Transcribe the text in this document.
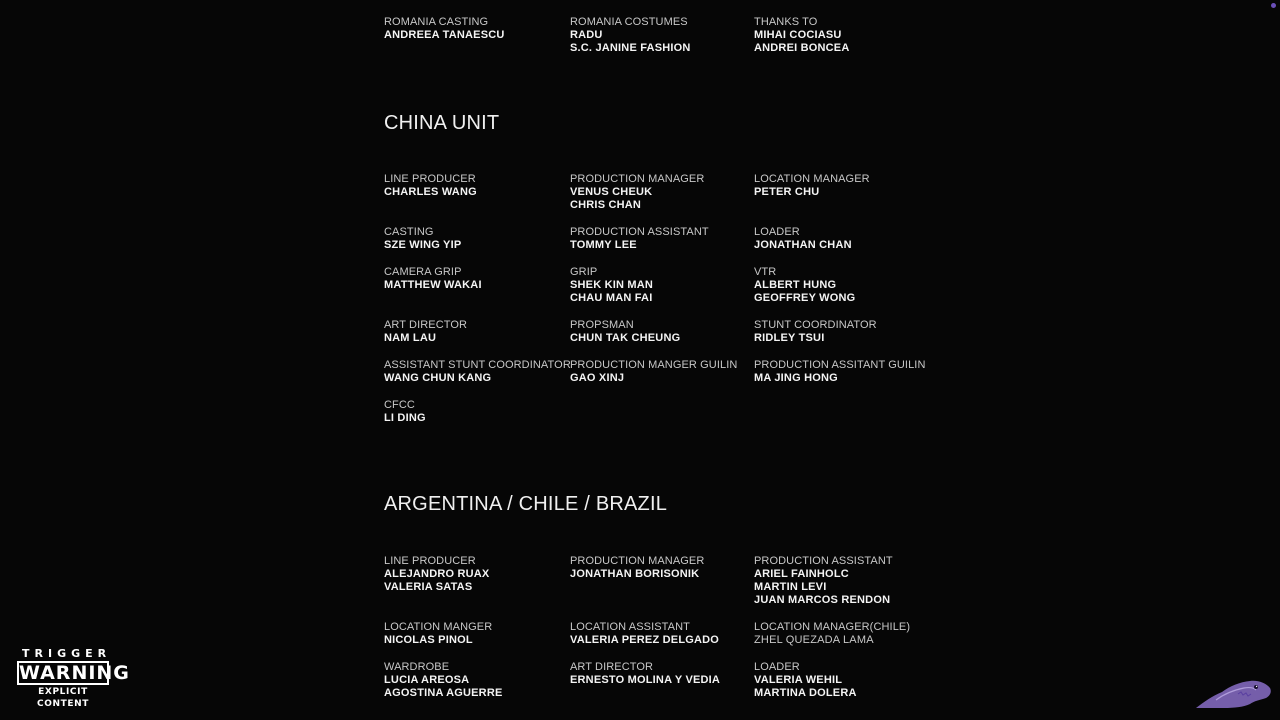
ROMANIA CASTING
ANDREEA TANAESCU
ROMANIA COSTUMES
RADU
S.C. JANINE FASHION
THANKS TO
MIHAI COCIASU
ANDREI BONCEA
CHINA UNIT
LINE PRODUCER
CHARLES WANG
PRODUCTION MANAGER
VENUS CHEUK
CHRIS CHAN
LOCATION MANAGER
PETER CHU
CASTING
SZE WING YIP
PRODUCTION ASSISTANT
TOMMY LEE
LOADER
JONATHAN CHAN
CAMERA GRIP
MATTHEW WAKAI
GRIP
SHEK KIN MAN
CHAU MAN FAI
VTR
ALBERT HUNG
GEOFFREY WONG
ART DIRECTOR
NAM LAU
PROPSMAN
CHUN TAK CHEUNG
STUNT COORDINATOR
RIDLEY TSUI
ASSISTANT STUNT COORDINATOR
WANG CHUN KANG
PRODUCTION MANGER GUILIN
GAO XINJ
PRODUCTION ASSITANT GUILIN
MA JING HONG
CFCC
LI DING
ARGENTINA / CHILE / BRAZIL
LINE PRODUCER
ALEJANDRO RUAX
VALERIA SATAS
PRODUCTION MANAGER
JONATHAN BORISONIK
PRODUCTION ASSISTANT
ARIEL FAINHOLC
MARTIN LEVI
JUAN MARCOS RENDON
LOCATION MANGER
NICOLAS PINOL
LOCATION ASSISTANT
VALERIA PEREZ DELGADO
LOCATION MANAGER(CHILE)
ZHEL QUEZADA LAMA
WARDROBE
LUCIA AREOSA
AGOSTINA AGUERRE
ART DIRECTOR
ERNESTO MOLINA Y VEDIA
LOADER
VALERIA WEHIL
MARTINA DOLERA
TRIGGER
WARNING
EXPLICIT CONTENT
